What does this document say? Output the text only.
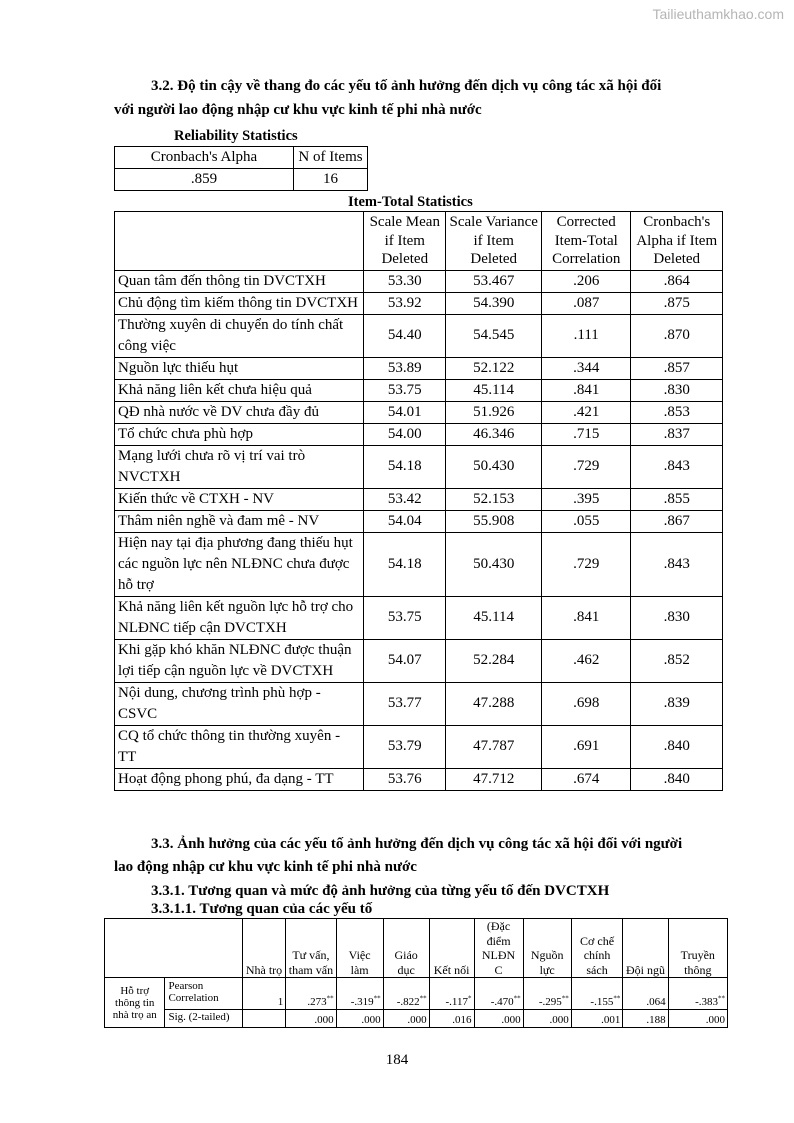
Tailieuthamkhao.com
3.2. Độ tin cậy về thang đo các yếu tố ảnh hưởng đến dịch vụ công tác xã hội đối
với người lao động nhập cư khu vực kinh tế phi nhà nước
Reliability Statistics
Cronbach's Alpha	N of Items
.859	16
Item-Total Statistics
	Scale Mean if Item Deleted	Scale Variance if Item Deleted	Corrected Item-Total Correlation	Cronbach's Alpha if Item Deleted
Quan tâm đến thông tin DVCTXH	53.30	53.467	.206	.864
Chủ động tìm kiếm thông tin DVCTXH	53.92	54.390	.087	.875
Thường xuyên di chuyển do tính chất công việc	54.40	54.545	.111	.870
Nguồn lực thiếu hụt	53.89	52.122	.344	.857
Khả năng liên kết chưa hiệu quả	53.75	45.114	.841	.830
QĐ nhà nước về DV chưa đầy đủ	54.01	51.926	.421	.853
Tổ chức chưa phù hợp	54.00	46.346	.715	.837
Mạng lưới chưa rõ vị trí vai trò NVCTXH	54.18	50.430	.729	.843
Kiến thức về CTXH - NV	53.42	52.153	.395	.855
Thâm niên nghề và đam mê - NV	54.04	55.908	.055	.867
Hiện nay tại địa phương đang thiếu hụt các nguồn lực nên NLĐNC chưa được hỗ trợ	54.18	50.430	.729	.843
Khả năng liên kết nguồn lực hỗ trợ cho NLĐNC tiếp cận DVCTXH	53.75	45.114	.841	.830
Khi gặp khó khăn NLĐNC được thuận lợi tiếp cận nguồn lực về DVCTXH	54.07	52.284	.462	.852
Nội dung, chương trình phù hợp - CSVC	53.77	47.288	.698	.839
CQ tổ chức thông tin thường xuyên - TT	53.79	47.787	.691	.840
Hoạt động phong phú, đa dạng - TT	53.76	47.712	.674	.840
3.3. Ảnh hưởng của các yếu tố ảnh hưởng đến dịch vụ công tác xã hội đối với người
lao động nhập cư khu vực kinh tế phi nhà nước
3.3.1. Tương quan và mức độ ảnh hưởng của từng yếu tố đến DVCTXH
3.3.1.1. Tương quan của các yếu tố
		Nhà trọ	Tư vấn, tham vấn	Việc làm	Giáo dục	Kết nối	(Đặc điểm NLĐN C	Nguồn lực	Cơ chế chính sách	Đội ngũ	Truyền thông
Hỗ trợ thông tin nhà trọ an	Pearson Correlation	1	.273**	-.319**	-.822**	-.117*	-.470**	-.295**	-.155**	.064	-.383**
	Sig. (2-tailed)		.000	.000	.000	.016	.000	.000	.001	.188	.000
184
